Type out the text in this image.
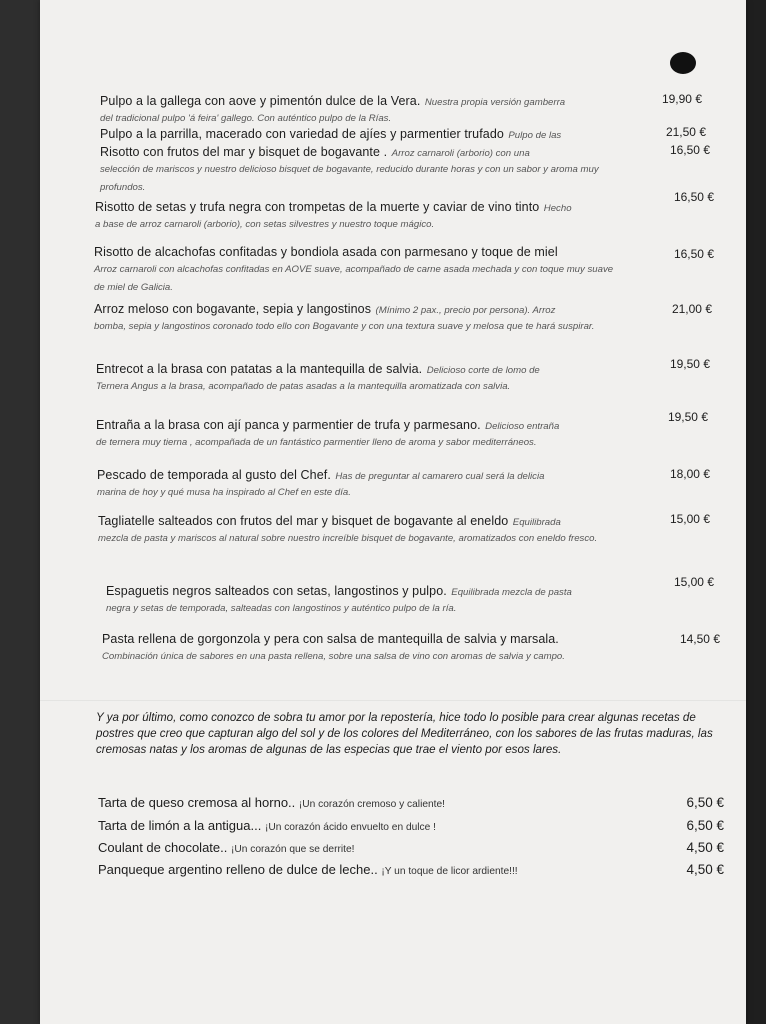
Pulpo a la gallega con aove y pimentón dulce de la Vera. Nuestra propia versión gamberra
del tradicional pulpo 'á feira' gallego. Con auténtico pulpo de la Rías.
19,90 €
Pulpo a la parrilla, macerado con variedad de ajíes y parmentier trufado Pulpo de las	21,50 €
Risotto con frutos del mar y bisquet de bogavante . Arroz carnaroli (arborio) con una
selección de mariscos y nuestro delicioso bisquet de bogavante, reducido durante horas y con un sabor y aroma muy profundos.
16,50 €
Risotto de setas y trufa negra con trompetas de la muerte y caviar de vino tinto Hecho
a base de arroz carnaroli (arborio), con setas silvestres y nuestro toque mágico.
16,50 €
Risotto de alcachofas confitadas y bondiola asada con parmesano y toque de miel
Arroz carnaroli con alcachofas confitadas en AOVE suave, acompañado de carne asada mechada y con toque muy suave de miel de Galicia.
16,50 €
Arroz meloso con bogavante, sepia y langostinos (Mínimo 2 pax., precio por persona). Arroz
bomba, sepia y langostinos coronado todo ello con Bogavante y con una textura suave y melosa que te hará suspirar.
21,00 €
Entrecot a la brasa con patatas a la mantequilla de salvia. Delicioso corte de lomo de
Ternera Angus a la brasa, acompañado de patas asadas a la mantequilla aromatizada con salvia.
19,50 €
Entraña a la brasa con ají panca y parmentier de trufa y parmesano. Delicioso entraña
de ternera muy tierna , acompañada de un fantástico parmentier lleno de aroma y sabor mediterráneos.
19,50 €
Pescado de temporada al gusto del Chef. Has de preguntar al camarero cual será la delicia
marina de hoy y qué musa ha inspirado al Chef en este día.
18,00 €
Tagliatelle salteados con frutos del mar y bisquet de bogavante al eneldo Equilibrada
mezcla de pasta y mariscos al natural sobre nuestro increíble bisquet de bogavante, aromatizados con eneldo fresco.
15,00 €
Espaguetis negros salteados con setas, langostinos y pulpo. Equilibrada mezcla de pasta
negra y setas de temporada, salteadas con langostinos y auténtico pulpo de la ría.
15,00 €
Pasta rellena de gorgonzola y pera con salsa de mantequilla de salvia y marsala.
Combinación única de sabores en una pasta rellena, sobre una salsa de vino con aromas de salvia y campo.
14,50 €
Y ya por último, como conozco de sobra tu amor por la repostería, hice todo lo posible para crear algunas recetas de postres que creo que capturan algo del sol y de los colores del Mediterráneo, con los sabores de las frutas maduras, las cremosas natas y los aromas de algunas de las especias que trae el viento por esos lares.
Tarta de queso cremosa al horno.. ¡Un corazón cremoso y caliente!	6,50 €
Tarta de limón a la antigua... ¡Un corazón ácido envuelto en dulce !	6,50 €
Coulant de chocolate.. ¡Un corazón que se derrite!	4,50 €
Panqueque argentino relleno de dulce de leche.. ¡Y un toque de licor ardiente!!!	4,50 €
